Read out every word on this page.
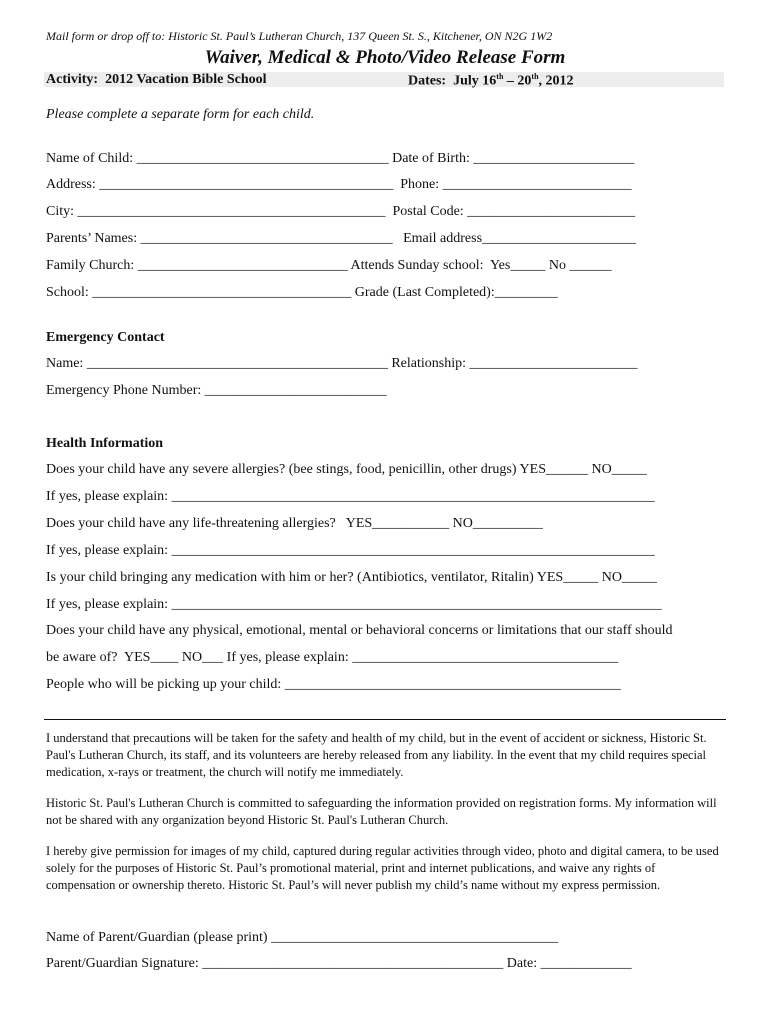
Mail form or drop off to: Historic St. Paul’s Lutheran Church, 137 Queen St. S., Kitchener, ON N2G 1W2
Waiver, Medical & Photo/Video Release Form
Activity:  2012 Vacation Bible School	Dates:  July 16th – 20th, 2012
Please complete a separate form for each child.
Name of Child: ____________________________________ Date of Birth: _______________________
Address: __________________________________________  Phone: ___________________________
City: ____________________________________________  Postal Code: ________________________
Parents’ Names: ____________________________________   Email address______________________
Family Church: ______________________________ Attends Sunday school:  Yes_____ No ______
School: _____________________________________ Grade (Last Completed):_________
Emergency Contact
Name: ___________________________________________ Relationship: ________________________
Emergency Phone Number: __________________________
Health Information
Does your child have any severe allergies? (bee stings, food, penicillin, other drugs) YES______ NO_____
If yes, please explain: _____________________________________________________________________
Does your child have any life-threatening allergies?   YES___________ NO__________
If yes, please explain: _____________________________________________________________________
Is your child bringing any medication with him or her? (Antibiotics, ventilator, Ritalin) YES_____ NO_____
If yes, please explain: ______________________________________________________________________
Does your child have any physical, emotional, mental or behavioral concerns or limitations that our staff should
be aware of?  YES____ NO___ If yes, please explain: ______________________________________
People who will be picking up your child: ________________________________________________
I understand that precautions will be taken for the safety and health of my child, but in the event of accident or sickness, Historic St. Paul's Lutheran Church, its staff, and its volunteers are hereby released from any liability. In the event that my child requires special medication, x-rays or treatment, the church will notify me immediately.
Historic St. Paul's Lutheran Church is committed to safeguarding the information provided on registration forms. My information will not be shared with any organization beyond Historic St. Paul's Lutheran Church.
I hereby give permission for images of my child, captured during regular activities through video, photo and digital camera, to be used solely for the purposes of Historic St. Paul’s promotional material, print and internet publications, and waive any rights of compensation or ownership thereto. Historic St. Paul’s will never publish my child’s name without my express permission.
Name of Parent/Guardian (please print) _________________________________________
Parent/Guardian Signature: ___________________________________________ Date: _____________
